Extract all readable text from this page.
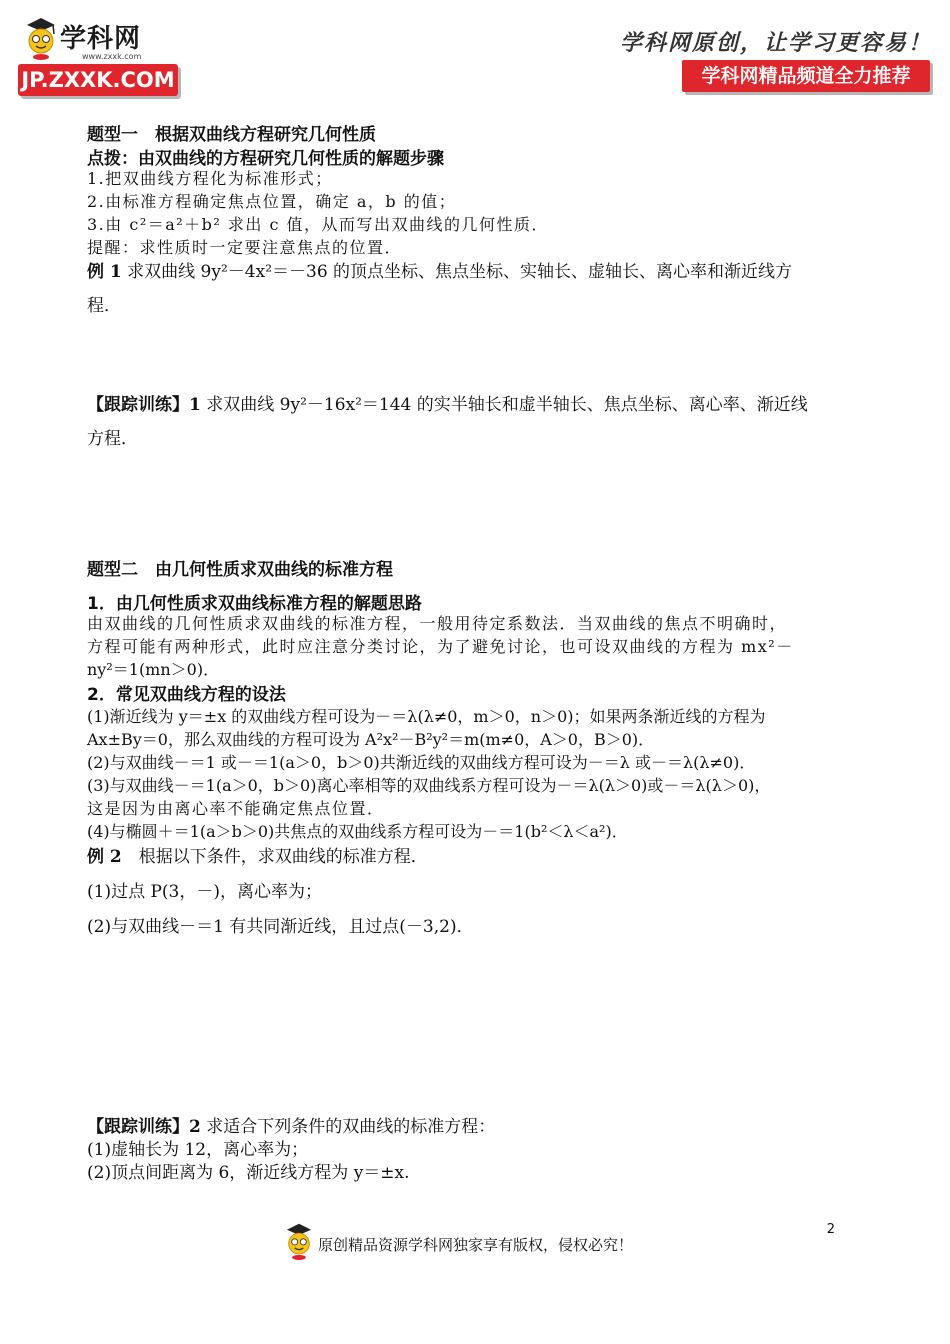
学科网
www.zxxk.com
JP.ZXXK.COM
学科网原创，让学习更容易！
学科网精品频道全力推荐
题型一　根据双曲线方程研究几何性质
点拨：由双曲线的方程研究几何性质的解题步骤
1.把双曲线方程化为标准形式；
2.由标准方程确定焦点位置，确定 a，b 的值；
3.由 c²＝a²＋b² 求出 c 值，从而写出双曲线的几何性质．
提醒：求性质时一定要注意焦点的位置．
例 1 求双曲线 9y²－4x²＝－36 的顶点坐标、焦点坐标、实轴长、虚轴长、离心率和渐近线方
程．
【跟踪训练】1 求双曲线 9y²－16x²＝144 的实半轴长和虚半轴长、焦点坐标、离心率、渐近线
方程．
题型二　由几何性质求双曲线的标准方程
1．由几何性质求双曲线标准方程的解题思路
由双曲线的几何性质求双曲线的标准方程，一般用待定系数法．当双曲线的焦点不明确时，
方程可能有两种形式，此时应注意分类讨论，为了避免讨论，也可设双曲线的方程为 mx²－
ny²＝1(mn＞0)．
2．常见双曲线方程的设法
(1)渐近线为 y＝±x 的双曲线方程可设为－＝λ(λ≠0，m＞0，n＞0)；如果两条渐近线的方程为
Ax±By＝0，那么双曲线的方程可设为 A²x²－B²y²＝m(m≠0，A＞0，B＞0)．
(2)与双曲线－＝1 或－＝1(a＞0，b＞0)共渐近线的双曲线方程可设为－＝λ 或－＝λ(λ≠0)．
(3)与双曲线－＝1(a＞0，b＞0)离心率相等的双曲线系方程可设为－＝λ(λ＞0)或－＝λ(λ＞0)，
这是因为由离心率不能确定焦点位置．
(4)与椭圆＋＝1(a＞b＞0)共焦点的双曲线系方程可设为－＝1(b²＜λ＜a²)．
例 2　根据以下条件，求双曲线的标准方程．
(1)过点 P(3，－)，离心率为；
(2)与双曲线－＝1 有共同渐近线，且过点(－3,2)．
【跟踪训练】2 求适合下列条件的双曲线的标准方程：
(1)虚轴长为 12，离心率为；
(2)顶点间距离为 6，渐近线方程为 y＝±x.
2
原创精品资源学科网独家享有版权，侵权必究！
